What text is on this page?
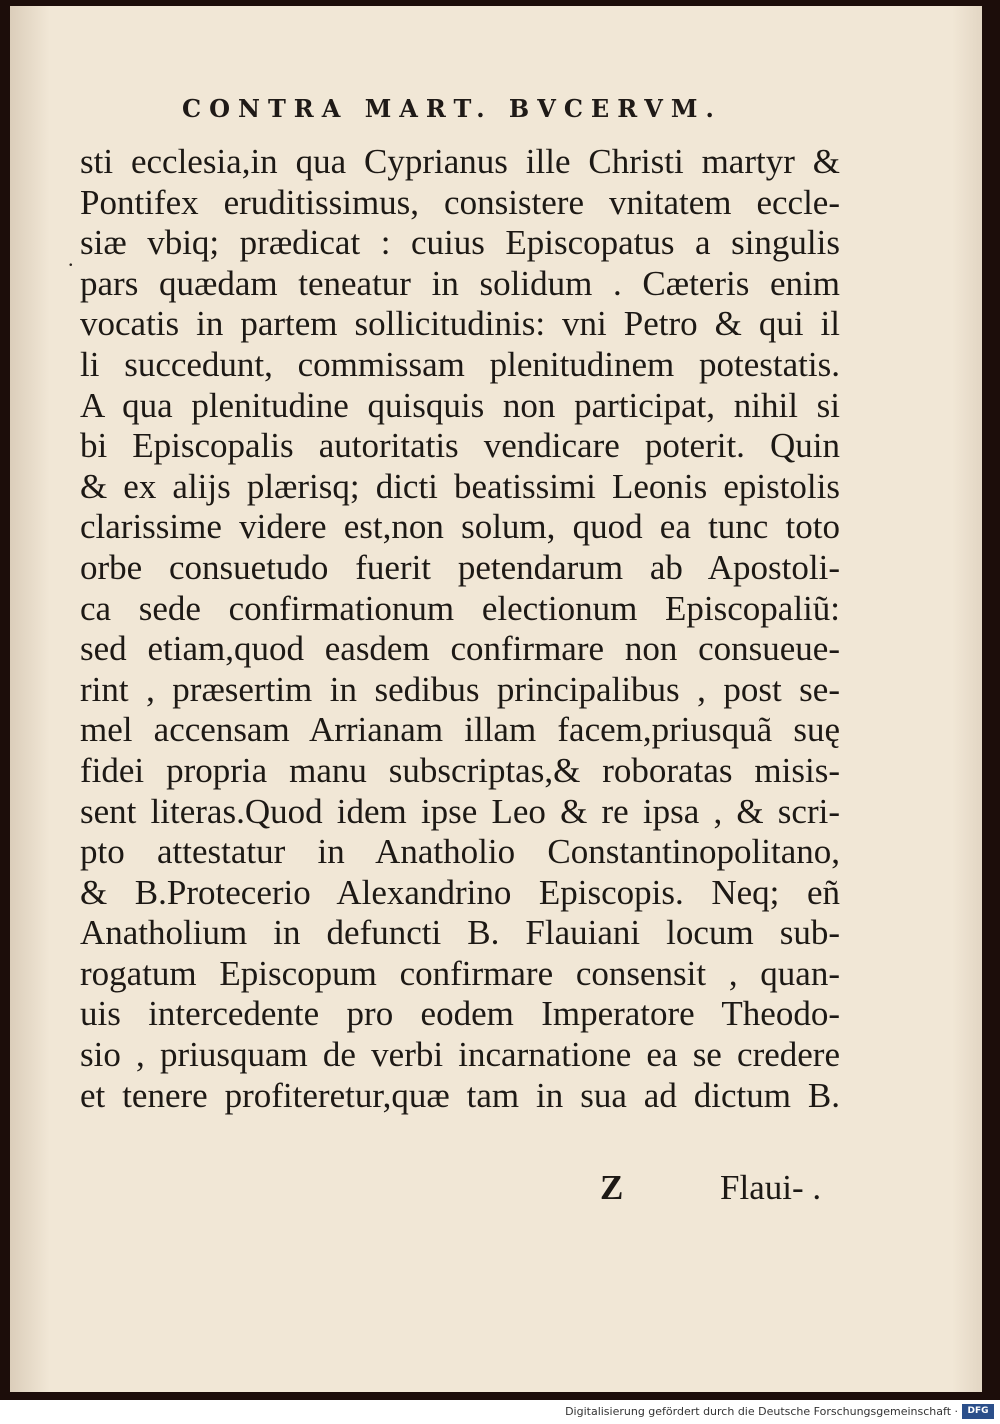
CONTRA MART. BVCERVM.
.
sti ecclesia,in qua Cyprianus ille Christi martyr &
Pontifex eruditissimus, consistere vnitatem eccle-
siæ vbiq; prædicat : cuius Episcopatus a singulis
pars quædam teneatur in solidum . Cæteris enim
vocatis in partem sollicitudinis: vni Petro & qui il
li succedunt, commissam plenitudinem potestatis.
A qua plenitudine quisquis non participat, nihil si
bi Episcopalis autoritatis vendicare poterit. Quin
& ex alijs plærisq; dicti beatissimi Leonis epistolis
clarissime videre est,non solum, quod ea tunc toto
orbe consuetudo fuerit petendarum ab Apostoli-
ca sede confirmationum electionum Episcopaliũ:
sed etiam,quod easdem confirmare non consueue-
rint , præsertim in sedibus principalibus , post se-
mel accensam Arrianam illam facem,priusquã suę
fidei propria manu subscriptas,& roboratas misis-
sent literas.Quod idem ipse Leo & re ipsa , & scri-
pto attestatur in Anatholio Constantinopolitano,
& B.Protecerio Alexandrino Episcopis. Neq; eñ
Anatholium in defuncti B. Flauiani locum sub-
rogatum Episcopum confirmare consensit , quan-
uis intercedente pro eodem Imperatore Theodo-
sio , priusquam de verbi incarnatione ea se credere
et tenere profiteretur,quæ tam in sua ad dictum B.
Z	Flaui- .
Digitalisierung gefördert durch die Deutsche Forschungsgemeinschaft ·	DFG
